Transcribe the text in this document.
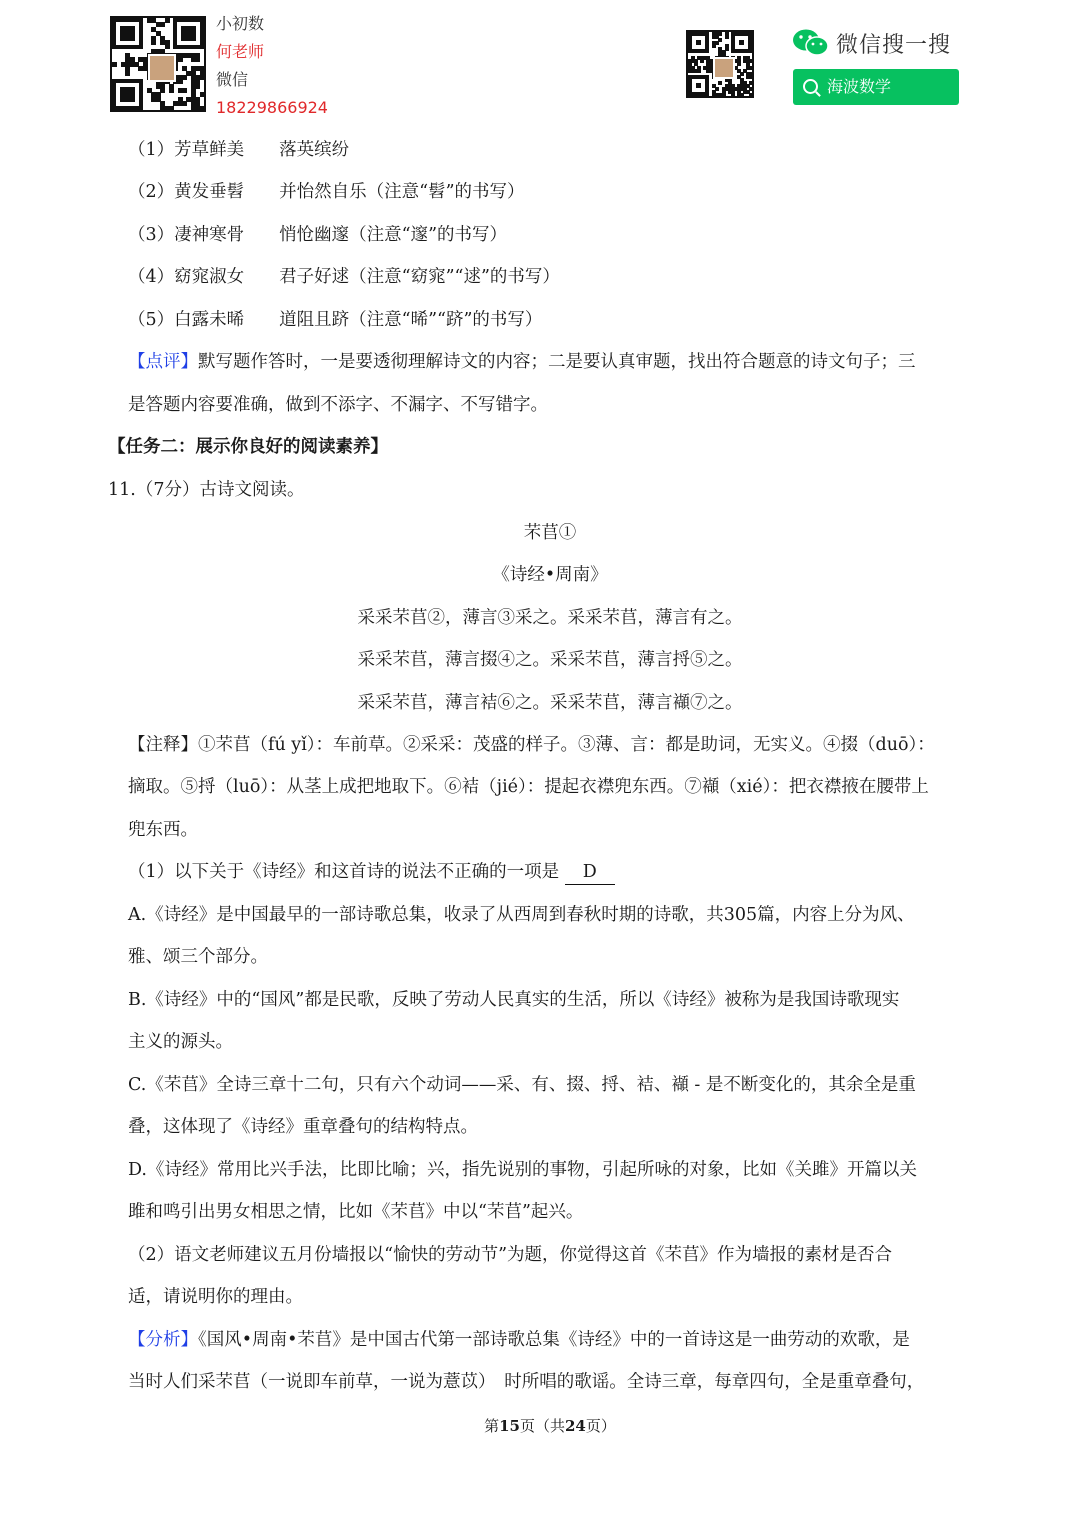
小初数
何老师
微信
18229866924
微信搜一搜
海波数学
（1）芳草鲜美　　落英缤纷
（2）黄发垂髫　　并怡然自乐（注意“髫”的书写）
（3）凄神寒骨　　悄怆幽邃（注意“邃”的书写）
（4）窈窕淑女　　君子好逑（注意“窈窕”“逑”的书写）
（5）白露未晞　　道阻且跻（注意“晞”“跻”的书写）
【点评】默写题作答时，一是要透彻理解诗文的内容；二是要认真审题，找出符合题意的诗文句子；三
是答题内容要准确，做到不添字、不漏字、不写错字。
【任务二：展示你良好的阅读素养】
11.（7分）古诗文阅读。
芣苢①
《诗经•周南》
采采芣苢②，薄言③采之。采采芣苢，薄言有之。
采采芣苢，薄言掇④之。采采芣苢，薄言捋⑤之。
采采芣苢，薄言袺⑥之。采采芣苢，薄言襭⑦之。
【注释】①芣苢（fú yǐ）：车前草。②采采：茂盛的样子。③薄、言：都是助词，无实义。④掇（duō）：
摘取。⑤捋（luō）：从茎上成把地取下。⑥袺（jié）：提起衣襟兜东西。⑦襭（xié）：把衣襟掖在腰带上
兜东西。
（1）以下关于《诗经》和这首诗的说法不正确的一项是 D
A.《诗经》是中国最早的一部诗歌总集，收录了从西周到春秋时期的诗歌，共305篇，内容上分为风、
雅、颂三个部分。
B.《诗经》中的“国风”都是民歌，反映了劳动人民真实的生活，所以《诗经》被称为是我国诗歌现实
主义的源头。
C.《芣苢》全诗三章十二句，只有六个动词——采、有、掇、捋、袺、襭 - 是不断变化的，其余全是重
叠，这体现了《诗经》重章叠句的结构特点。
D.《诗经》常用比兴手法，比即比喻；兴，指先说别的事物，引起所咏的对象，比如《关雎》开篇以关
雎和鸣引出男女相思之情，比如《芣苢》中以“芣苢”起兴。
（2）语文老师建议五月份墙报以“愉快的劳动节”为题，你觉得这首《芣苢》作为墙报的素材是否合
适，请说明你的理由。
【分析】《国风•周南•芣苢》是中国古代第一部诗歌总集《诗经》中的一首诗这是一曲劳动的欢歌，是
当时人们采芣苢（一说即车前草，一说为薏苡）　时所唱的歌谣。全诗三章，每章四句，全是重章叠句，
第15页（共24页）
